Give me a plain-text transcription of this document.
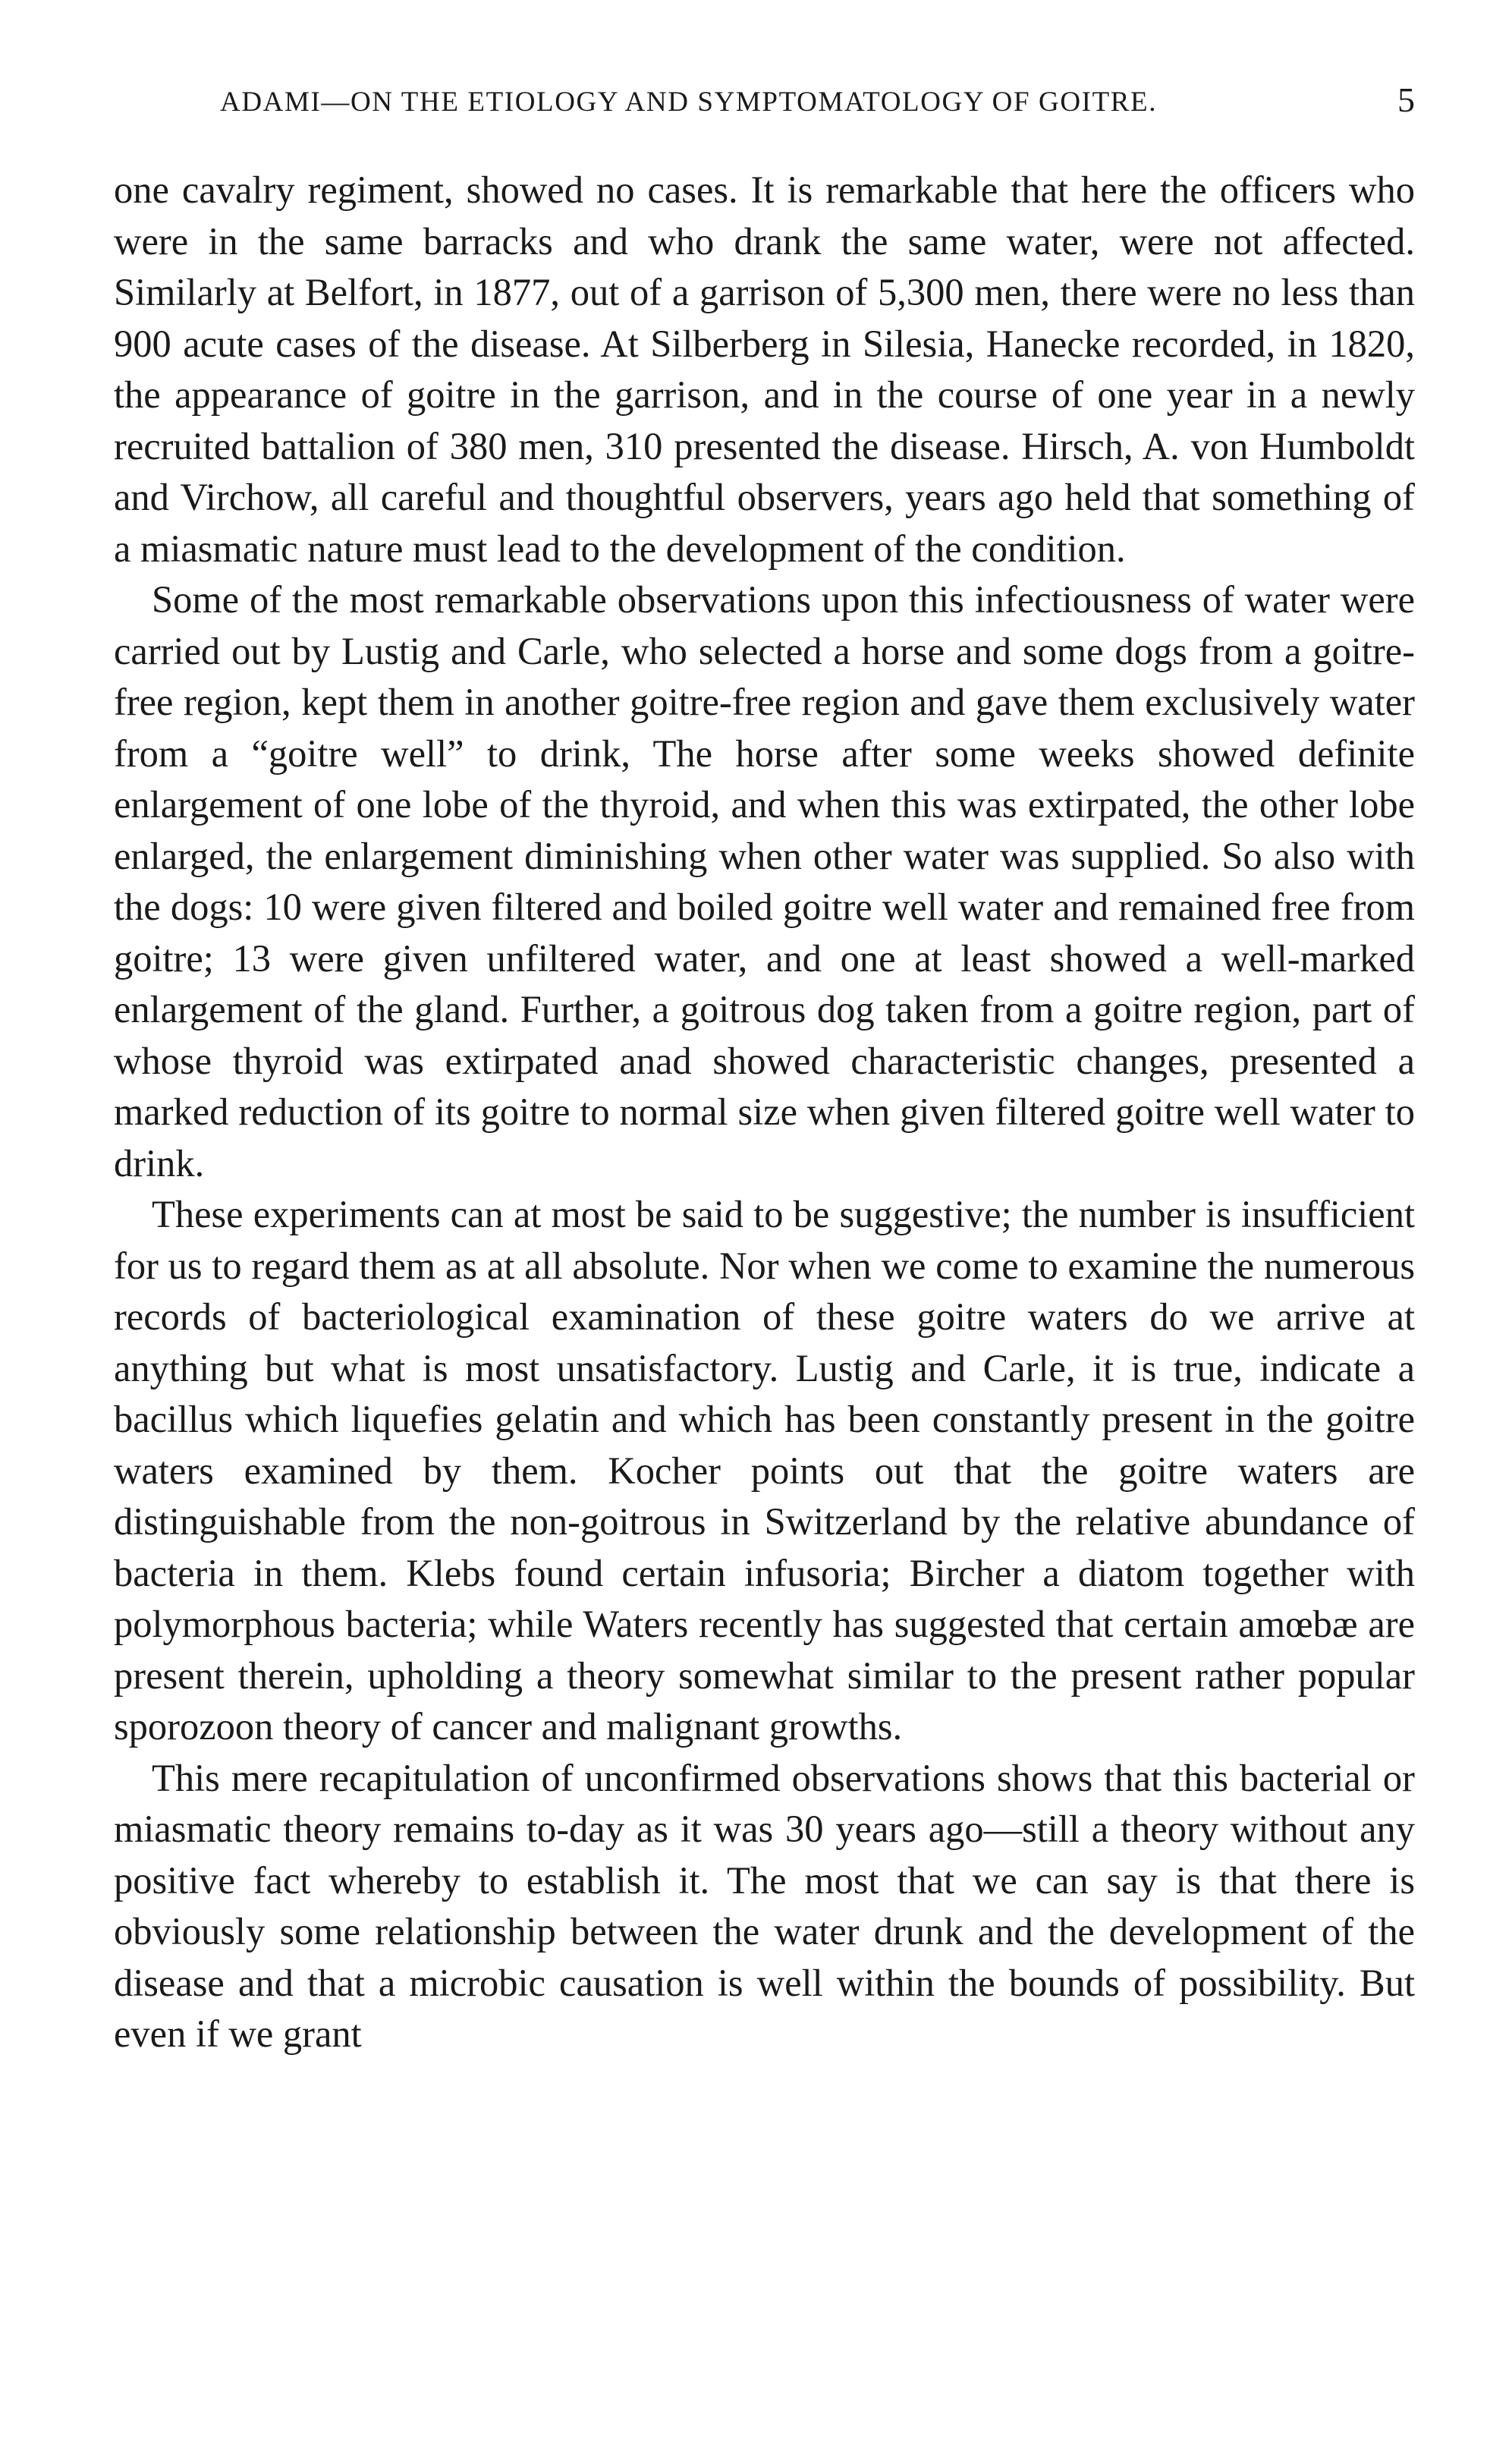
ADAMI—ON THE ETIOLOGY AND SYMPTOMATOLOGY OF GOITRE.	5

one cavalry regiment, showed no cases. It is remarkable that here the officers who were in the same barracks and who drank the same water, were not affected. Similarly at Belfort, in 1877, out of a garrison of 5,300 men, there were no less than 900 acute cases of the disease. At Silberberg in Silesia, Hanecke recorded, in 1820, the appearance of goitre in the garrison, and in the course of one year in a newly recruited battalion of 380 men, 310 presented the disease. Hirsch, A. von Humboldt and Virchow, all careful and thoughtful observers, years ago held that something of a miasmatic nature must lead to the development of the condition.

Some of the most remarkable observations upon this infectiousness of water were carried out by Lustig and Carle, who selected a horse and some dogs from a goitre-free region, kept them in another goitre-free region and gave them exclusively water from a “goitre well” to drink, The horse after some weeks showed definite enlargement of one lobe of the thyroid, and when this was extirpated, the other lobe enlarged, the enlargement diminishing when other water was supplied. So also with the dogs: 10 were given filtered and boiled goitre well water and remained free from goitre; 13 were given unfiltered water, and one at least showed a well-marked enlargement of the gland. Further, a goitrous dog taken from a goitre region, part of whose thyroid was extirpated anad showed characteristic changes, presented a marked reduction of its goitre to normal size when given filtered goitre well water to drink.

These experiments can at most be said to be suggestive; the number is insufficient for us to regard them as at all absolute. Nor when we come to examine the numerous records of bacteriological examination of these goitre waters do we arrive at anything but what is most unsatisfactory. Lustig and Carle, it is true, indicate a bacillus which liquefies gelatin and which has been constantly present in the goitre waters examined by them. Kocher points out that the goitre waters are distinguishable from the non-goitrous in Switzerland by the relative abundance of bacteria in them. Klebs found certain infusoria; Bircher a diatom together with polymorphous bacteria; while Waters recently has suggested that certain amœbæ are present therein, upholding a theory somewhat similar to the present rather popular sporozoon theory of cancer and malignant growths.

This mere recapitulation of unconfirmed observations shows that this bacterial or miasmatic theory remains to-day as it was 30 years ago—still a theory without any positive fact whereby to establish it. The most that we can say is that there is obviously some relationship between the water drunk and the development of the disease and that a microbic causation is well within the bounds of possibility. But even if we grant
